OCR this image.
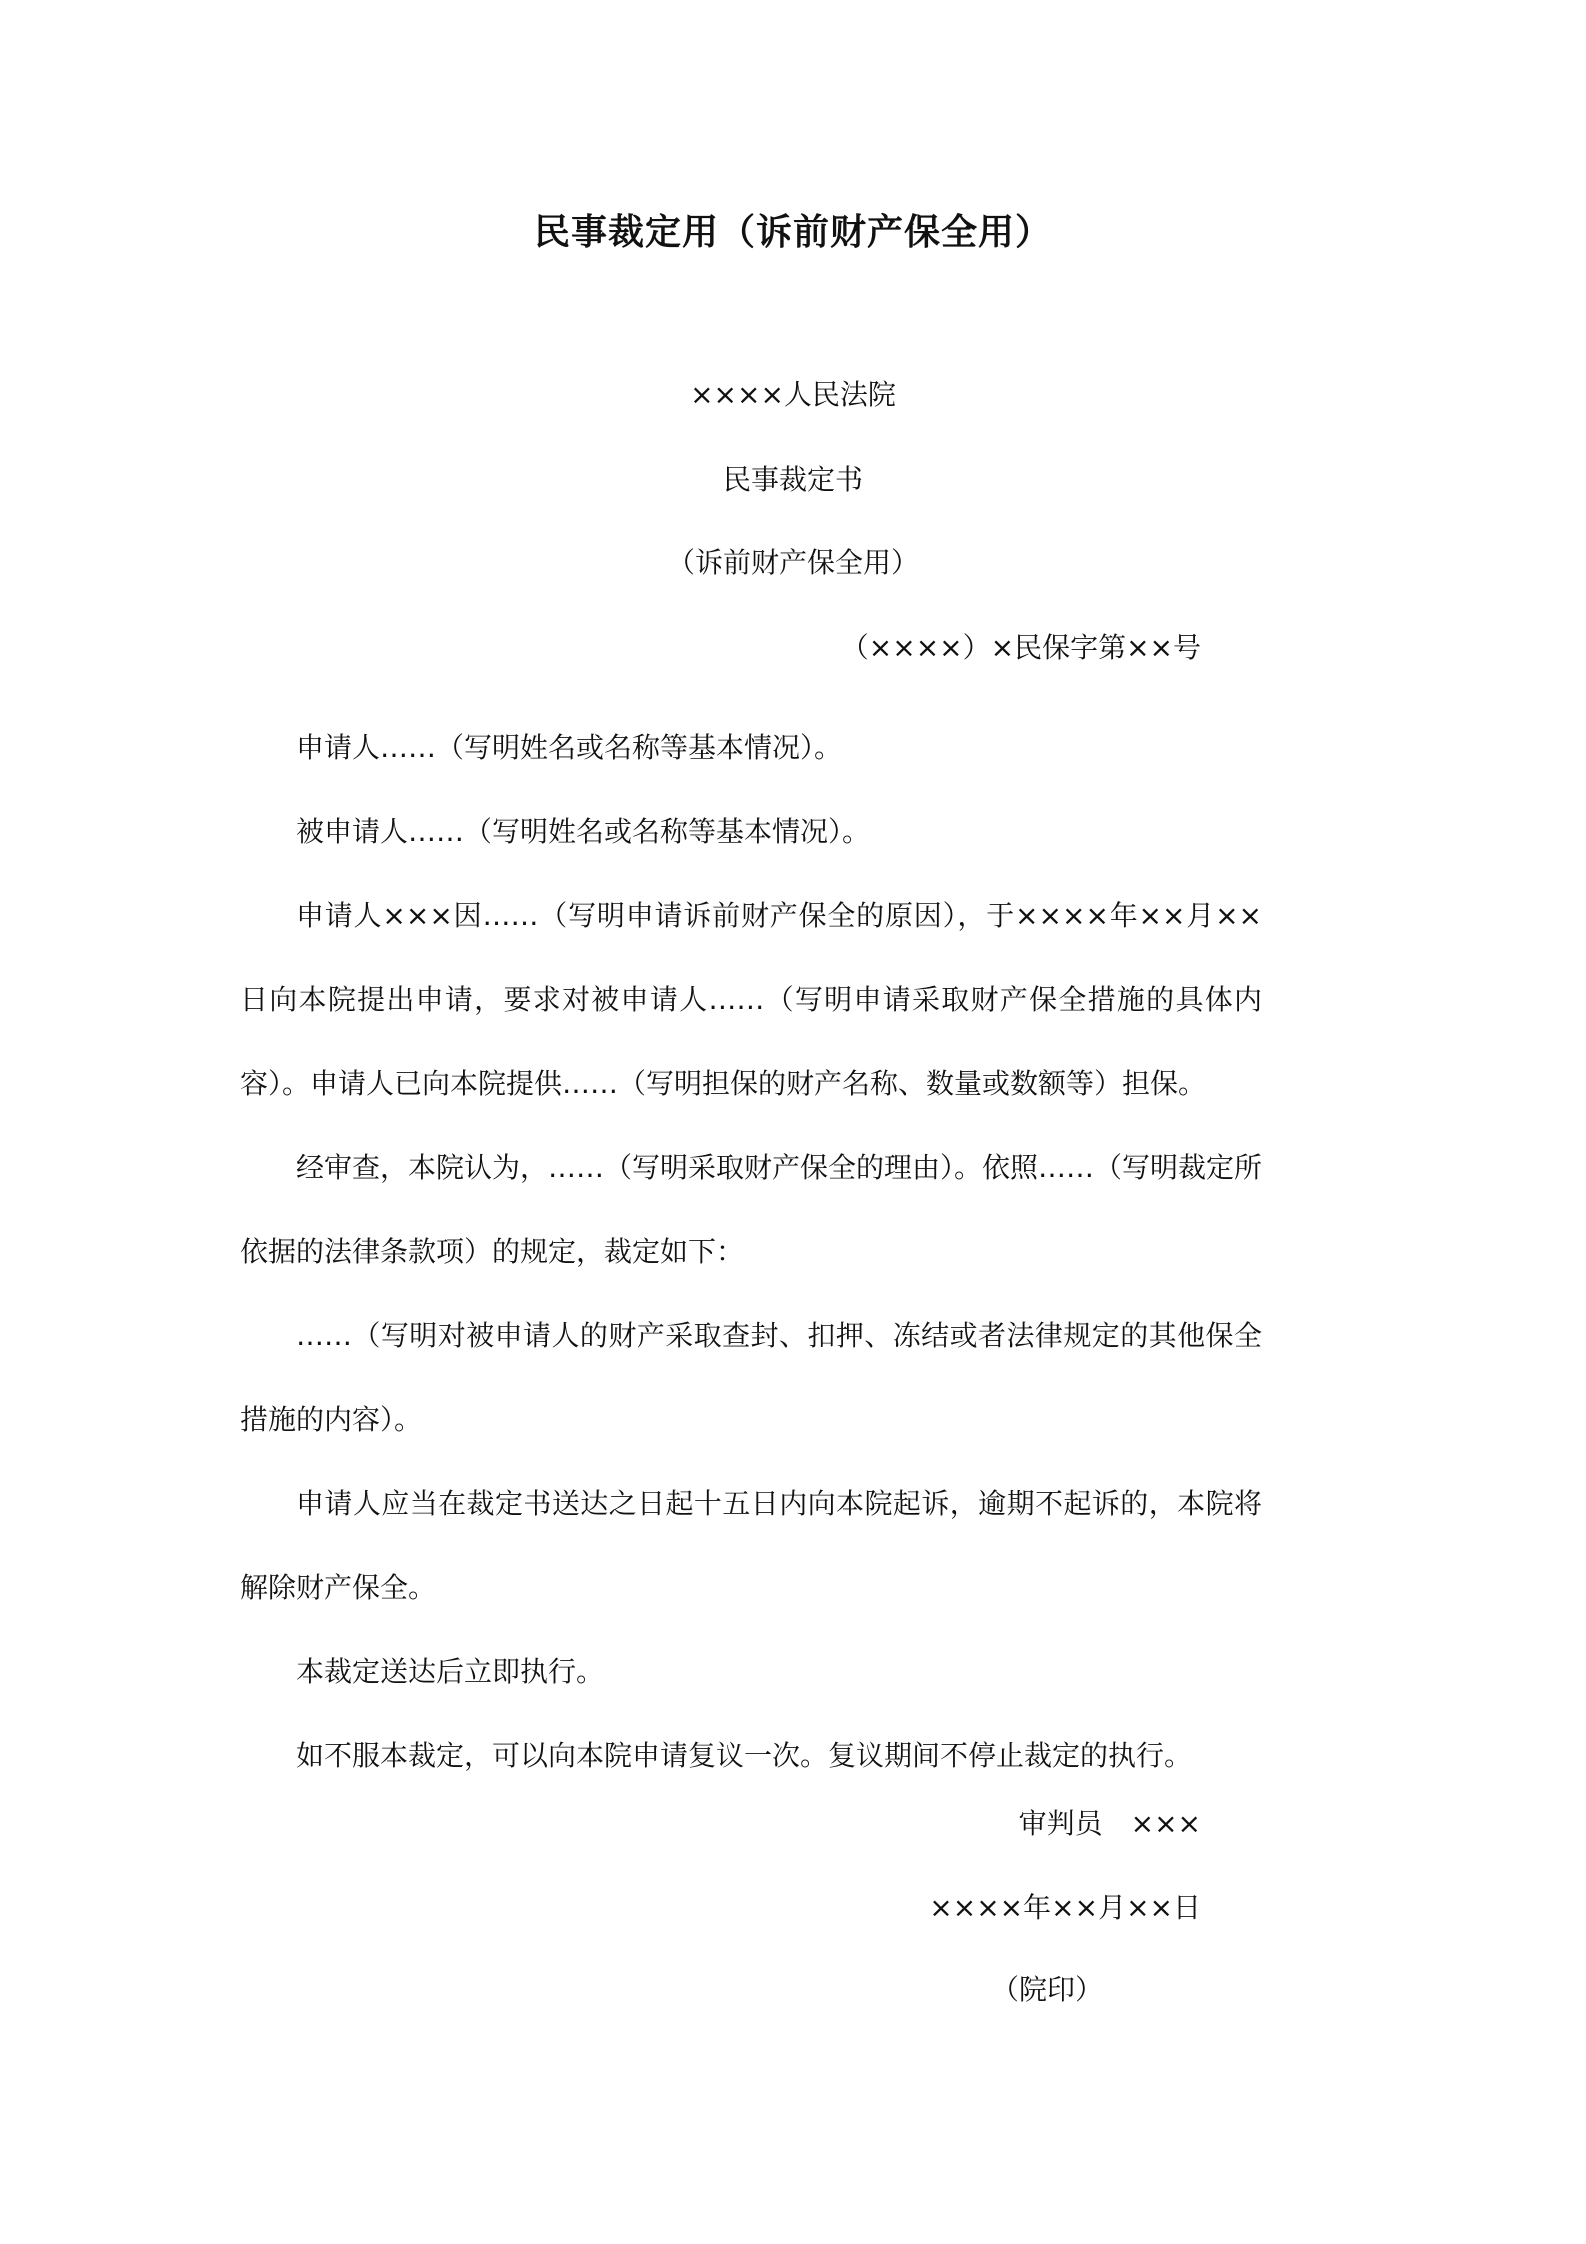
民事裁定用（诉前财产保全用）
××××人民法院
民事裁定书
（诉前财产保全用）
（××××）×民保字第××号

申请人……（写明姓名或名称等基本情况）。

被申请人……（写明姓名或名称等基本情况）。

申请人×××因……（写明申请诉前财产保全的原因），于××××年××月××日向本院提出申请，要求对被申请人……（写明申请采取财产保全措施的具体内容）。申请人已向本院提供……（写明担保的财产名称、数量或数额等）担保。

经审查，本院认为，……（写明采取财产保全的理由）。依照……（写明裁定所依据的法律条款项）的规定，裁定如下：

……（写明对被申请人的财产采取查封、扣押、冻结或者法律规定的其他保全措施的内容）。

申请人应当在裁定书送达之日起十五日内向本院起诉，逾期不起诉的，本院将解除财产保全。

本裁定送达后立即执行。

如不服本裁定，可以向本院申请复议一次。复议期间不停止裁定的执行。

审判员　×××
××××年××月××日
（院印）
